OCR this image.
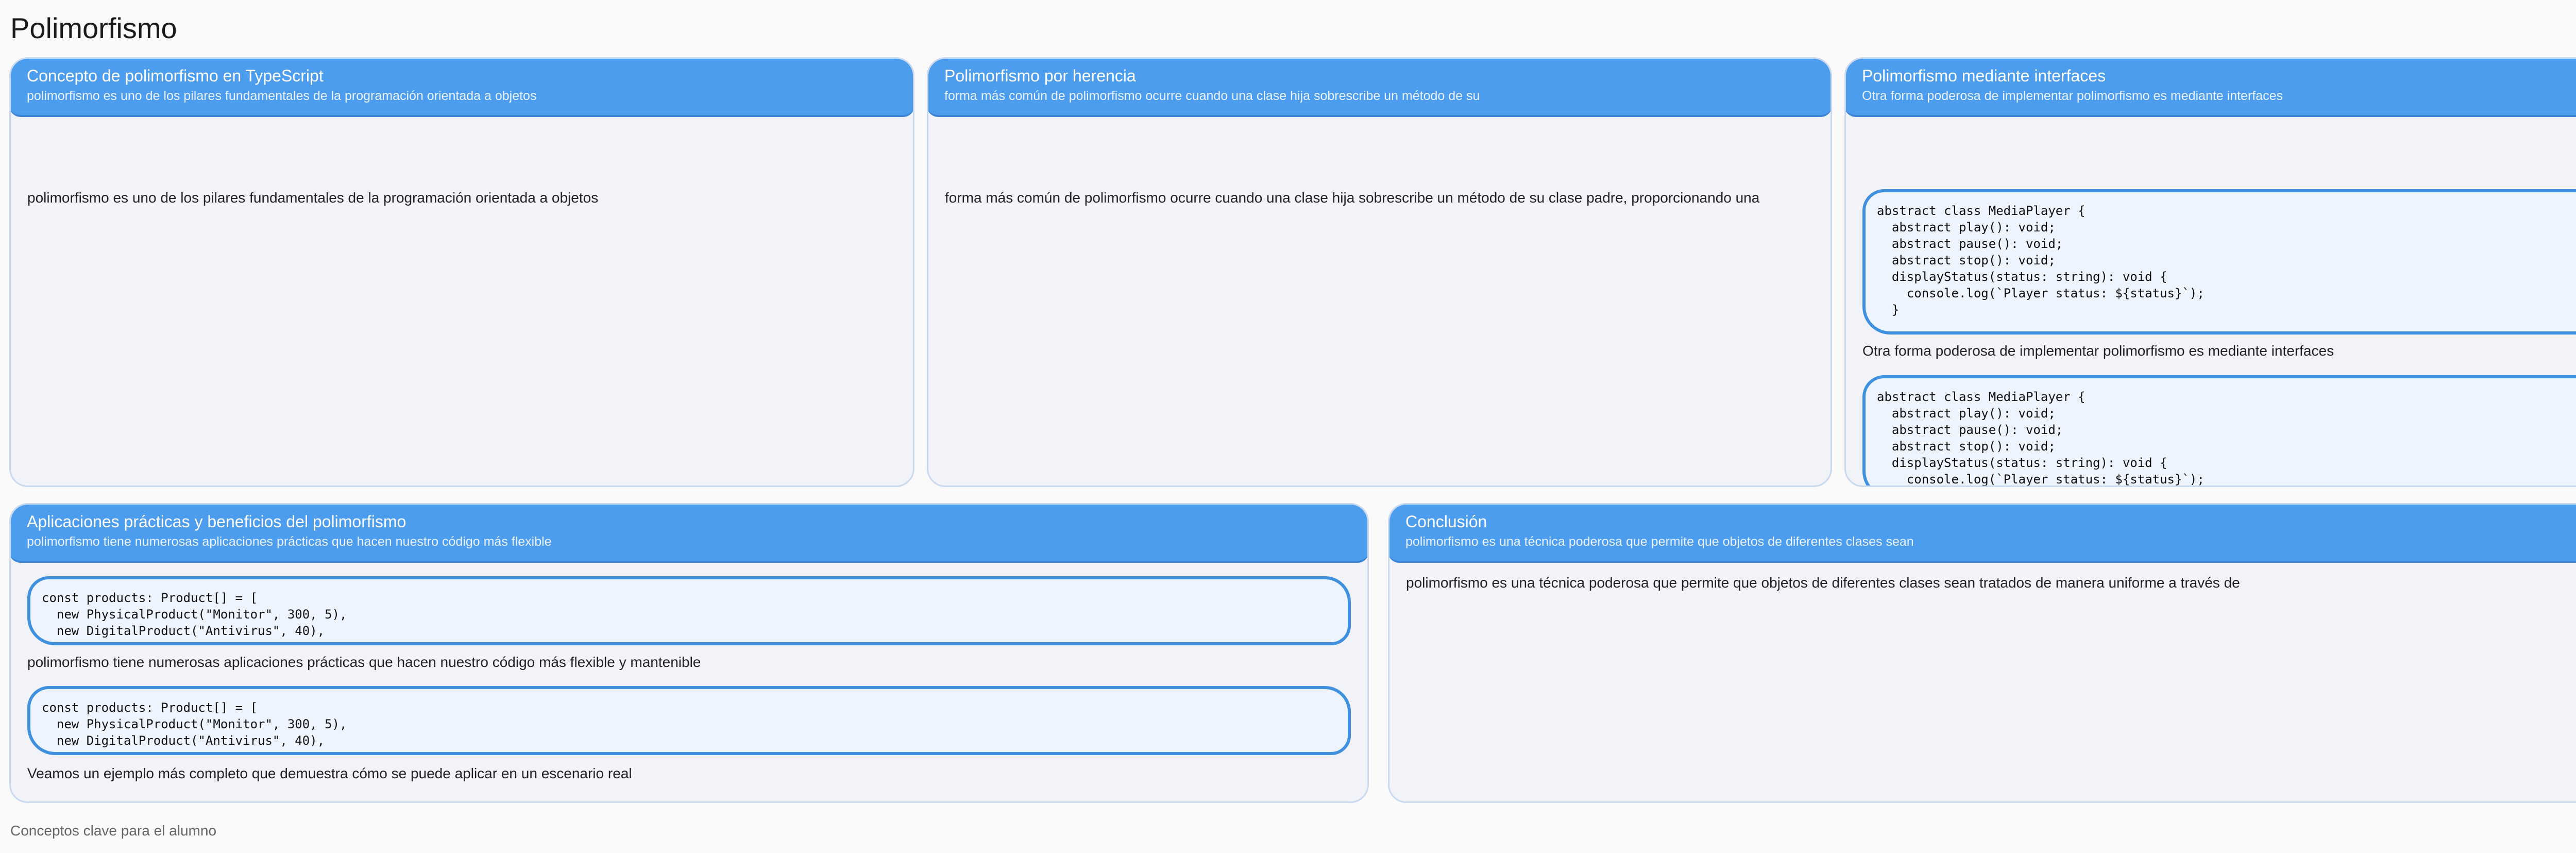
Polimorfismo

Concepto de polimorfismo en TypeScript

polimorfismo es uno de los pilares fundamentales de la programación orientada a objetos

polimorfismo es uno de los pilares fundamentales de la programación orientada a objetos

Polimorfismo por herencia

forma más común de polimorfismo ocurre cuando una clase hija sobrescribe un método de su

forma más común de polimorfismo ocurre cuando una clase hija sobrescribe un método de su clase padre, proporcionando una

Polimorfismo mediante interfaces

Otra forma poderosa de implementar polimorfismo es mediante interfaces

abstract class MediaPlayer {
abstract play(): void;
abstract pause(): void;
abstract stop(): void;
displayStatus(status: string): void {
console.log(`Player status: ${status}`);
}
Otra forma poderosa de implementar polimorfismo es mediante interfaces
abstract class MediaPlayer {
abstract play(): void;
abstract pause(): void;
abstract stop(): void;
displayStatus(status: string): void {
console.log(`Player status: ${status}`);

Aplicaciones prácticas y beneficios del polimorfismo

polimorfismo tiene numerosas aplicaciones prácticas que hacen nuestro código más flexible

const products: Product[] = [
new PhysicalProduct("Monitor", 300, 5),
new DigitalProduct("Antivirus", 40),
polimorfismo tiene numerosas aplicaciones prácticas que hacen nuestro código más flexible y mantenible
const products: Product[] = [
new PhysicalProduct("Monitor", 300, 5),
new DigitalProduct("Antivirus", 40),
Veamos un ejemplo más completo que demuestra cómo se puede aplicar en un escenario real

Conclusión

polimorfismo es una técnica poderosa que permite que objetos de diferentes clases sean

polimorfismo es una técnica poderosa que permite que objetos de diferentes clases sean tratados de manera uniforme a través de
Conceptos clave para el alumno
